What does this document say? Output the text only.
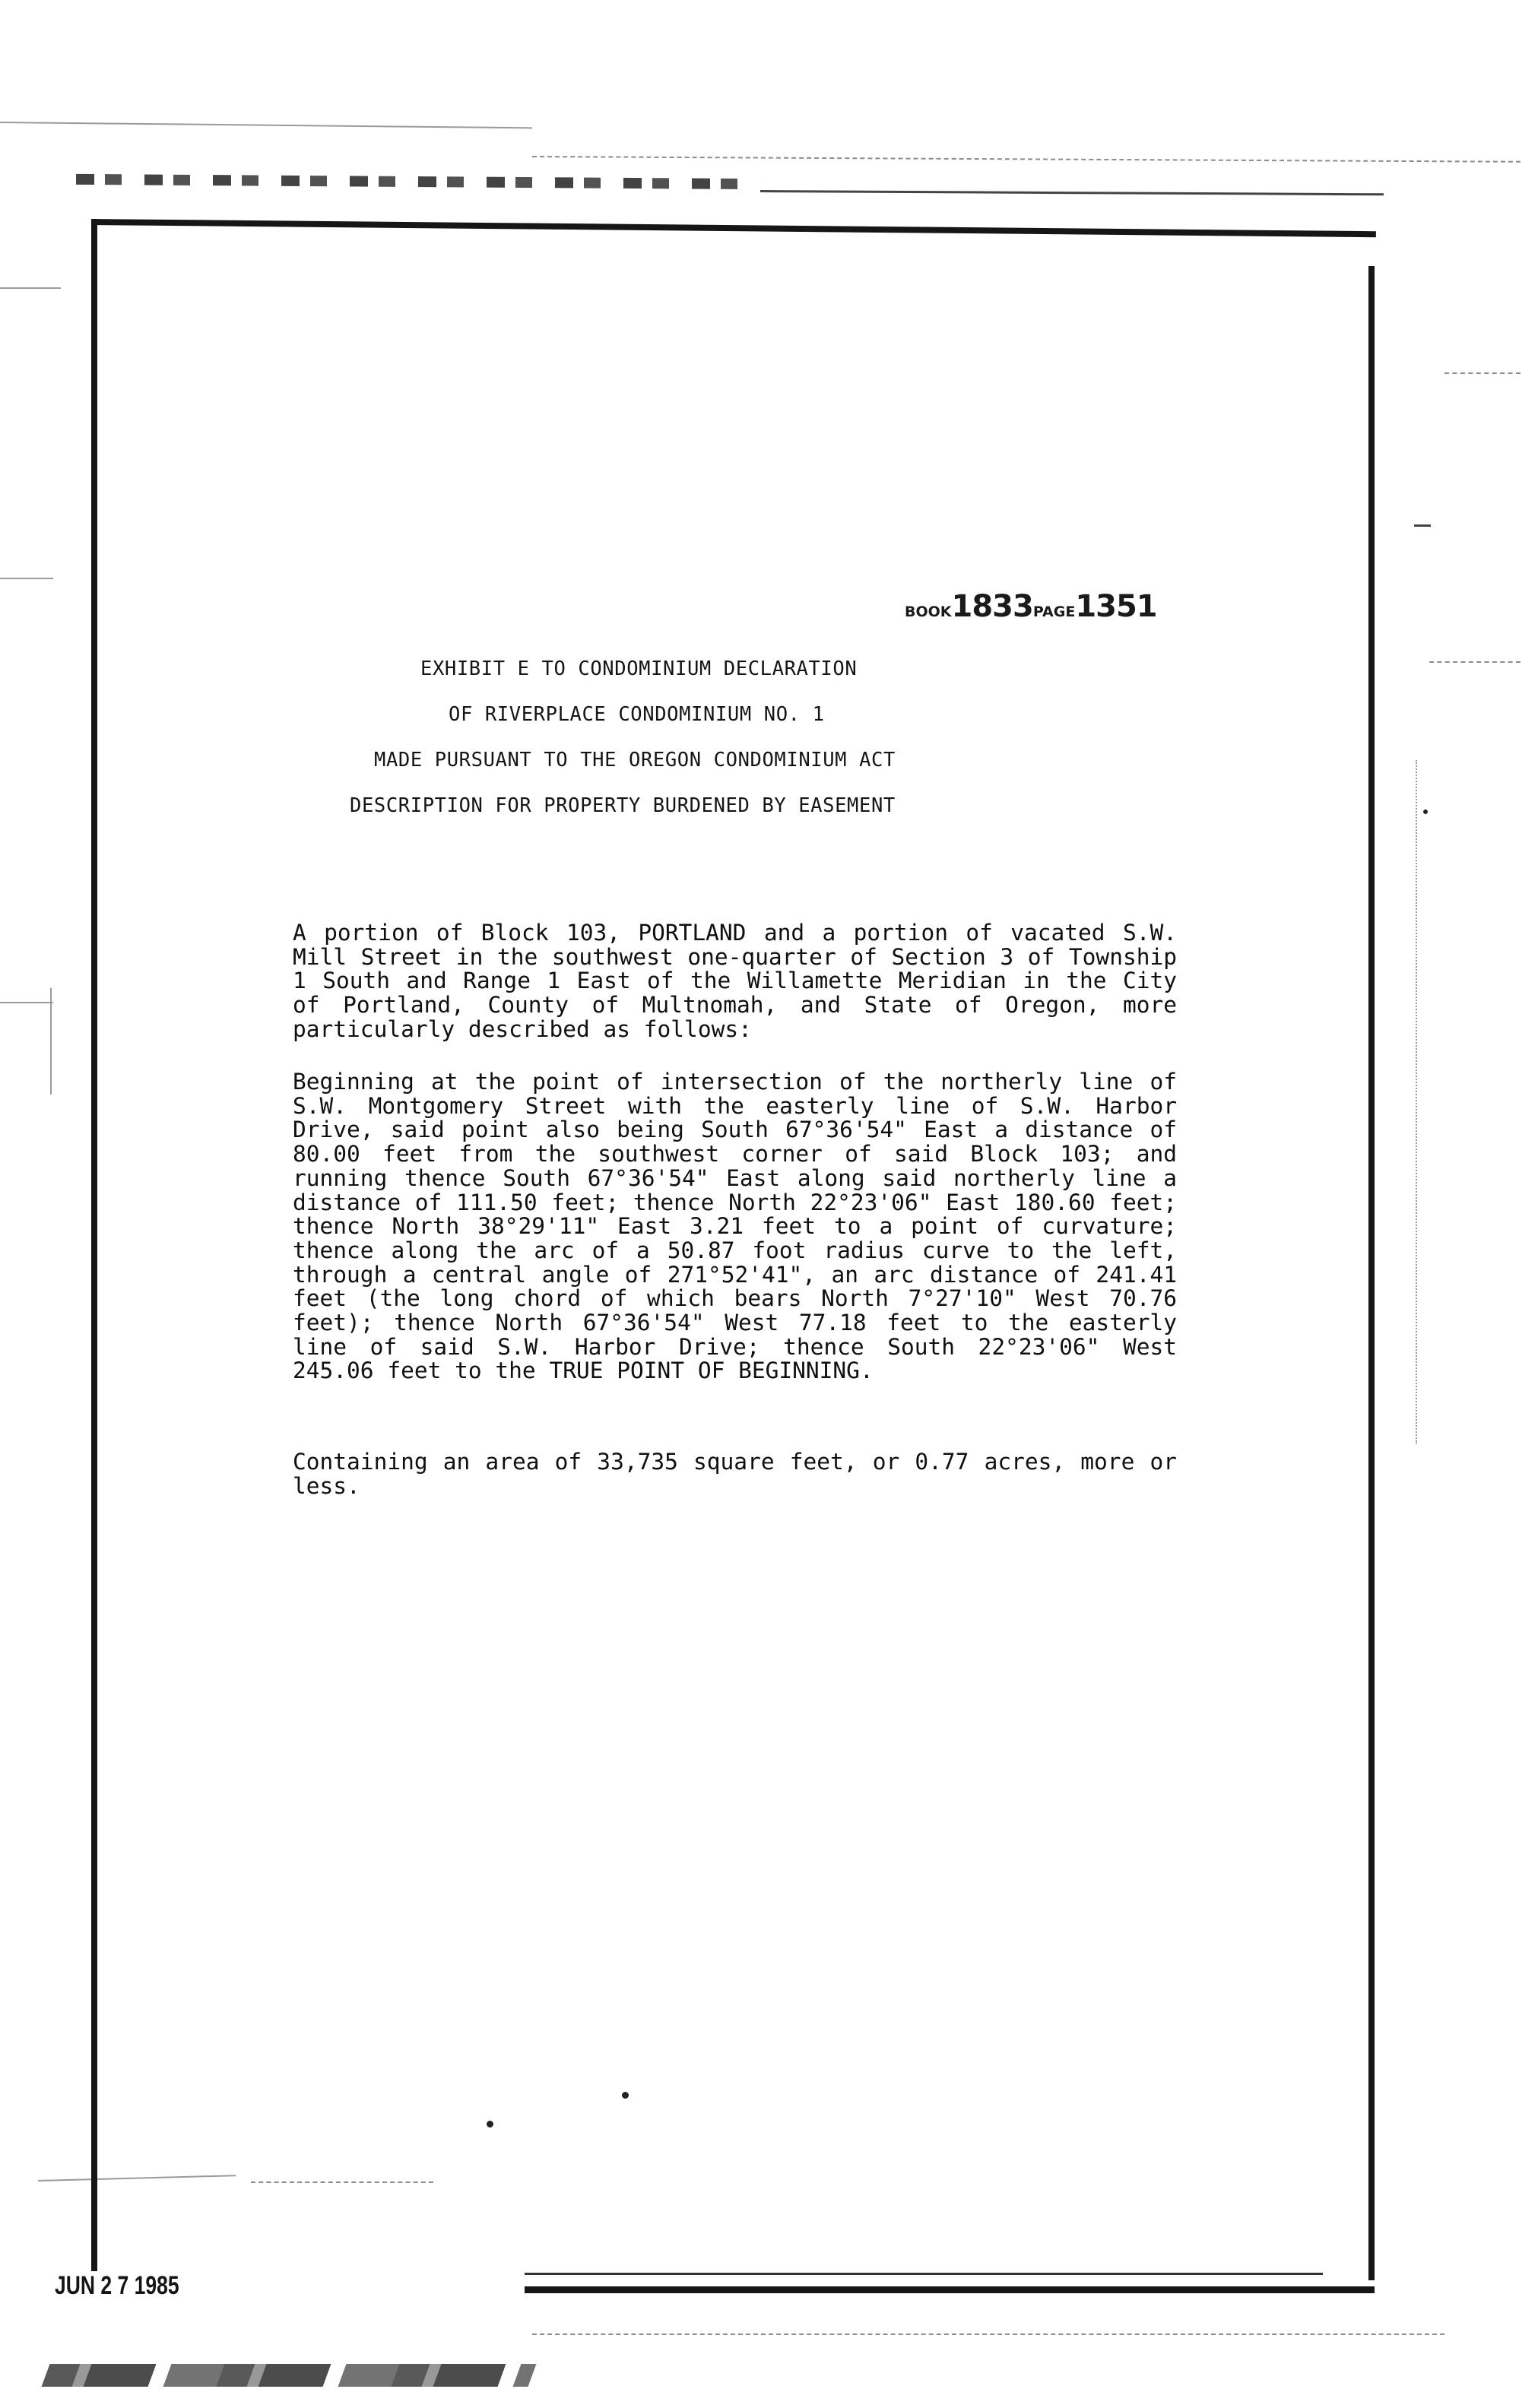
BOOK1833PAGE1351
EXHIBIT E TO CONDOMINIUM DECLARATION
OF RIVERPLACE CONDOMINIUM NO. 1
MADE PURSUANT TO THE OREGON CONDOMINIUM ACT
DESCRIPTION FOR PROPERTY BURDENED BY EASEMENT
A portion of Block 103, PORTLAND and a portion of vacated S.W. Mill Street in the southwest one-quarter of Section 3 of Township 1 South and Range 1 East of the Willamette Meridian in the City of Portland, County of Multnomah, and State of Oregon, more particularly described as follows:
Beginning at the point of intersection of the northerly line of S.W. Montgomery Street with the easterly line of S.W. Harbor Drive, said point also being South 67°36'54" East a distance of 80.00 feet from the southwest corner of said Block 103; and running thence South 67°36'54" East along said northerly line a distance of 111.50 feet; thence North 22°23'06" East 180.60 feet; thence North 38°29'11" East 3.21 feet to a point of curvature; thence along the arc of a 50.87 foot radius curve to the left, through a central angle of 271°52'41", an arc distance of 241.41 feet (the long chord of which bears North 7°27'10" West 70.76 feet); thence North 67°36'54" West 77.18 feet to the easterly line of said S.W. Harbor Drive; thence South 22°23'06" West 245.06 feet to the TRUE POINT OF BEGINNING.
Containing an area of 33,735 square feet, or 0.77 acres, more or less.
JUN 2 7 1985
